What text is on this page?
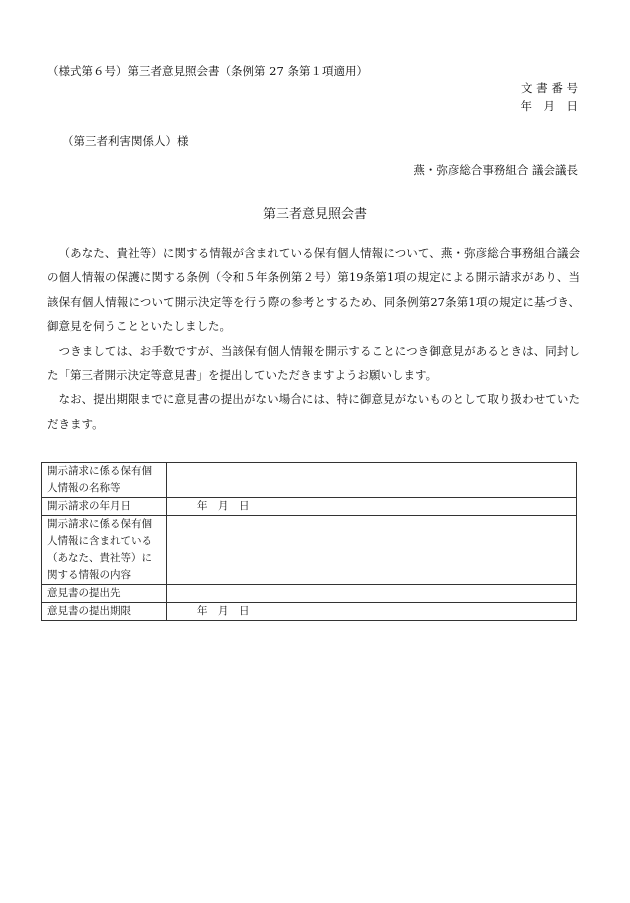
（様式第６号）第三者意見照会書（条例第 27 条第１項適用）
文 書 番 号
年　月　日
（第三者利害関係人）様
燕・弥彦総合事務組合 議会議長
第三者意見照会書

（あなた、貴社等）に関する情報が含まれている保有個人情報について、燕・弥彦総合事務組合議会の個人情報の保護に関する条例（令和５年条例第２号）第19条第1項の規定による開示請求があり、当該保有個人情報について開示決定等を行う際の参考とするため、同条例第27条第1項の規定に基づき、御意見を伺うことといたしました。

つきましては、お手数ですが、当該保有個人情報を開示することにつき御意見があるときは、同封した「第三者開示決定等意見書」を提出していただきますようお願いします。

なお、提出期限までに意見書の提出がない場合には、特に御意見がないものとして取り扱わせていただきます。

開示請求に係る保有個人情報の名称等	
開示請求の年月日	年　月　日
開示請求に係る保有個人情報に含まれている（あなた、貴社等）に関する情報の内容	
意見書の提出先	
意見書の提出期限	年　月　日
